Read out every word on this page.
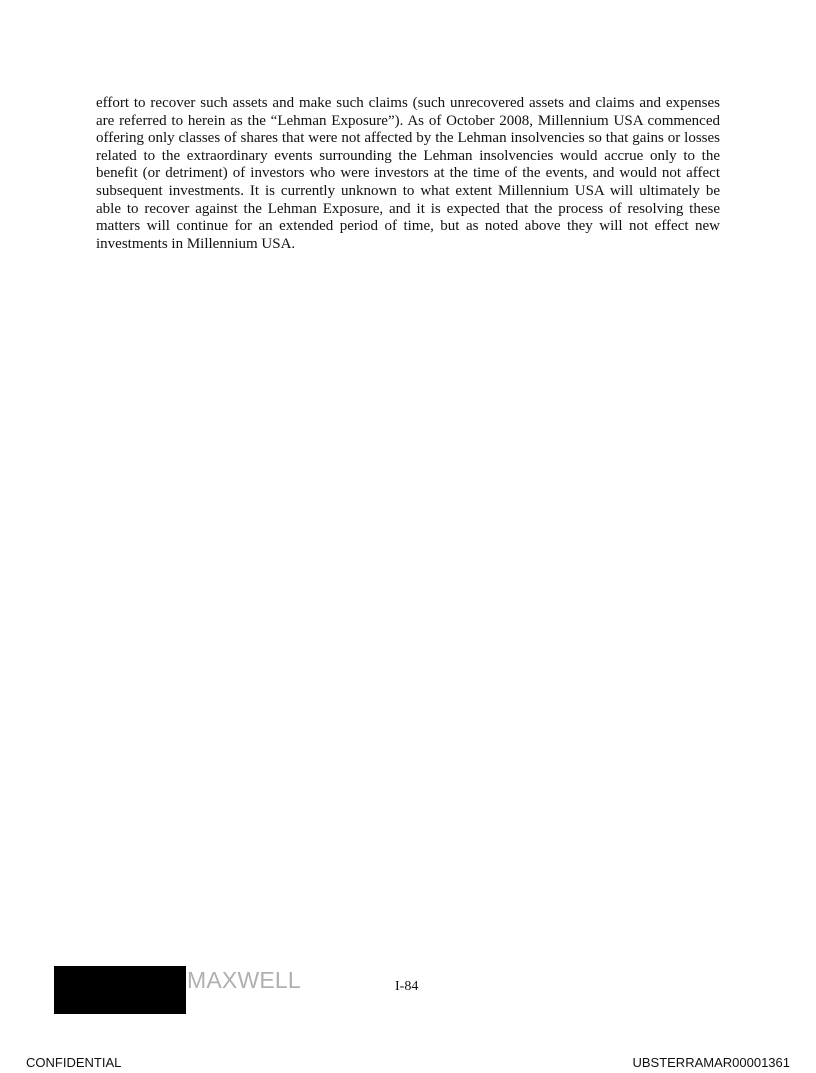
effort to recover such assets and make such claims (such unrecovered assets and claims and expenses are referred to herein as the “Lehman Exposure”). As of October 2008, Millennium USA commenced offering only classes of shares that were not affected by the Lehman insolvencies so that gains or losses related to the extraordinary events surrounding the Lehman insolvencies would accrue only to the benefit (or detriment) of investors who were investors at the time of the events, and would not affect subsequent investments. It is currently unknown to what extent Millennium USA will ultimately be able to recover against the Lehman Exposure, and it is expected that the process of resolving these matters will continue for an extended period of time, but as noted above they will not effect new investments in Millennium USA.

MAXWELL	I-84
CONFIDENTIAL	UBSTERRAMAR00001361
